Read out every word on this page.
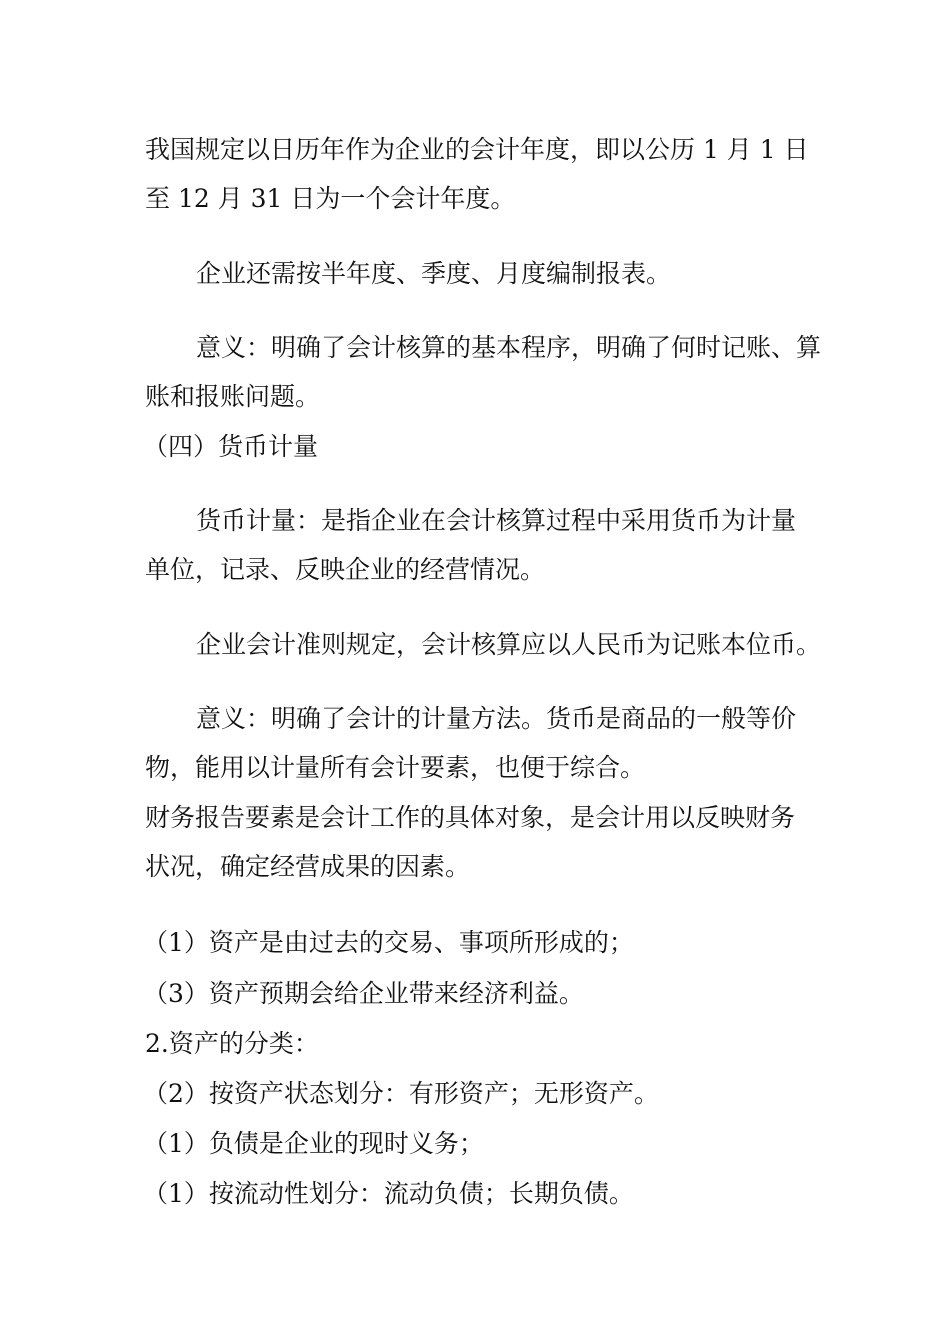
我国规定以日历年作为企业的会计年度，即以公历 1 月 1 日
至 12 月 31 日为一个会计年度。
企业还需按半年度、季度、月度编制报表。
意义：明确了会计核算的基本程序，明确了何时记账、算
账和报账问题。
（四）货币计量
货币计量：是指企业在会计核算过程中采用货币为计量
单位，记录、反映企业的经营情况。
企业会计准则规定，会计核算应以人民币为记账本位币。
意义：明确了会计的计量方法。货币是商品的一般等价
物，能用以计量所有会计要素，也便于综合。
财务报告要素是会计工作的具体对象，是会计用以反映财务
状况，确定经营成果的因素。
（1）资产是由过去的交易、事项所形成的；
（3）资产预期会给企业带来经济利益。
2.资产的分类：
（2）按资产状态划分：有形资产；无形资产。
（1）负债是企业的现时义务；
（1）按流动性划分：流动负债；长期负债。
